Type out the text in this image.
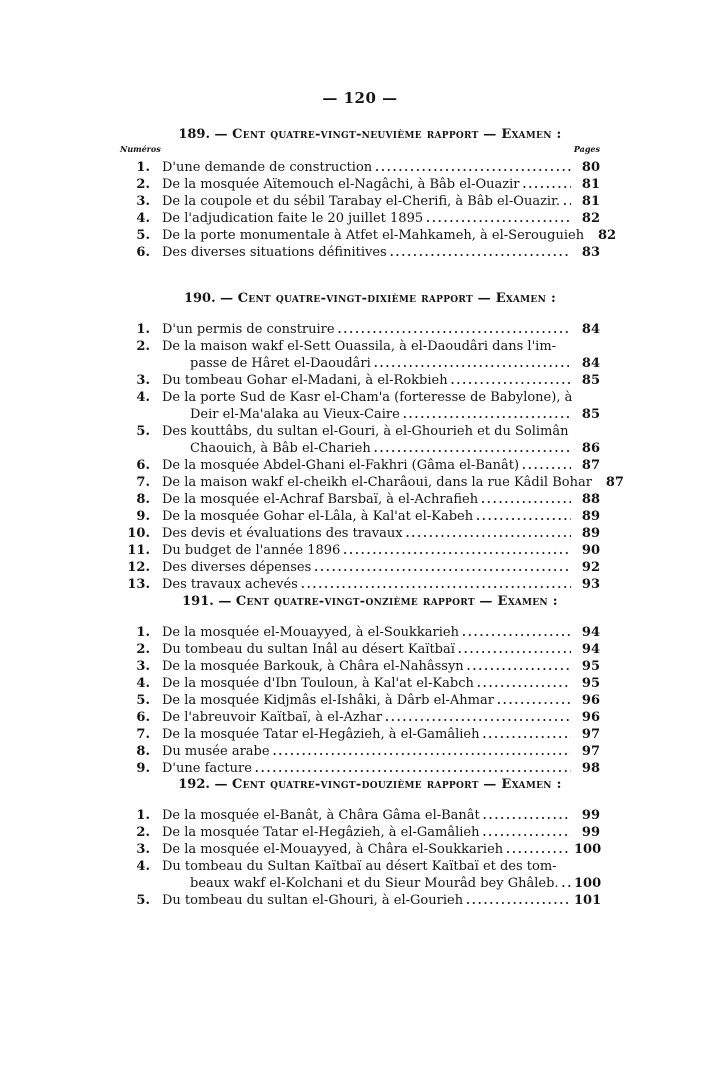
— 120 —
189. — Cent quatre-vingt-neuvième rapport — Examen :
Numéros	Pages
1. D'une demande de construction .....	80
2. De la mosquée Aïtemouch el-Nagâchi, à Bâb el-Ouazir .....	81
3. De la coupole et du sébil Tarabay el-Cherifi, à Bâb el-Ouazir. .....	81
4. De l'adjudication faite le 20 juillet 1895 .....	82
5. De la porte monumentale à Atfet el-Mahkameh, à el-Serouguieh	82
6. Des diverses situations définitives .....	83
190. — Cent quatre-vingt-dixième rapport — Examen :
1. D'un permis de construire .....	84
2. De la maison wakf el-Sett Ouassila, à el-Daoudâri dans l'im-
passe de Hâret el-Daoudâri .....	84
3. Du tombeau Gohar el-Madani, à el-Rokbieh .....	85
4. De la porte Sud de Kasr el-Cham'a (forteresse de Babylone), à
Deir el-Ma'alaka au Vieux-Caire .....	85
5. Des kouttâbs, du sultan el-Gouri, à el-Ghourieh et du Solimân
Chaouich, à Bâb el-Charieh .....	86
6. De la mosquée Abdel-Ghani el-Fakhri (Gâma el-Banât) .....	87
7. De la maison wakf el-cheikh el-Charâoui, dans la rue Kâdil Bohar	87
8. De la mosquée el-Achraf Barsbaï, à el-Achrafieh .....	88
9. De la mosquée Gohar el-Lâla, à Kal'at el-Kabeh .....	89
10. Des devis et évaluations des travaux .....	89
11. Du budget de l'année 1896 .....	90
12. Des diverses dépenses .....	92
13. Des travaux achevés .....	93
191. — Cent quatre-vingt-onzième rapport — Examen :
1. De la mosquée el-Mouayyed, à el-Soukkarieh .....	94
2. Du tombeau du sultan Inâl au désert Kaïtbaï .....	94
3. De la mosquée Barkouk, à Châra el-Nahâssyn .....	95
4. De la mosquée d'Ibn Touloun, à Kal'at el-Kabch .....	95
5. De la mosquée Kidjmâs el-Ishâki, à Dârb el-Ahmar .....	96
6. De l'abreuvoir Kaïtbaï, à el-Azhar .....	96
7. De la mosquée Tatar el-Hegâzieh, à el-Gamâlieh .....	97
8. Du musée arabe .....	97
9. D'une facture .....	98
192. — Cent quatre-vingt-douzième rapport — Examen :
1. De la mosquée el-Banât, à Châra Gâma el-Banât .....	99
2. De la mosquée Tatar el-Hegâzieh, à el-Gamâlieh .....	99
3. De la mosquée el-Mouayyed, à Châra el-Soukkarieh .....	100
4. Du tombeau du Sultan Kaïtbaï au désert Kaïtbaï et des tom-
beaux wakf el-Kolchani et du Sieur Mourâd bey Ghâleb. ..... 100
5. Du tombeau du sultan el-Ghouri, à el-Gourieh .....	101
